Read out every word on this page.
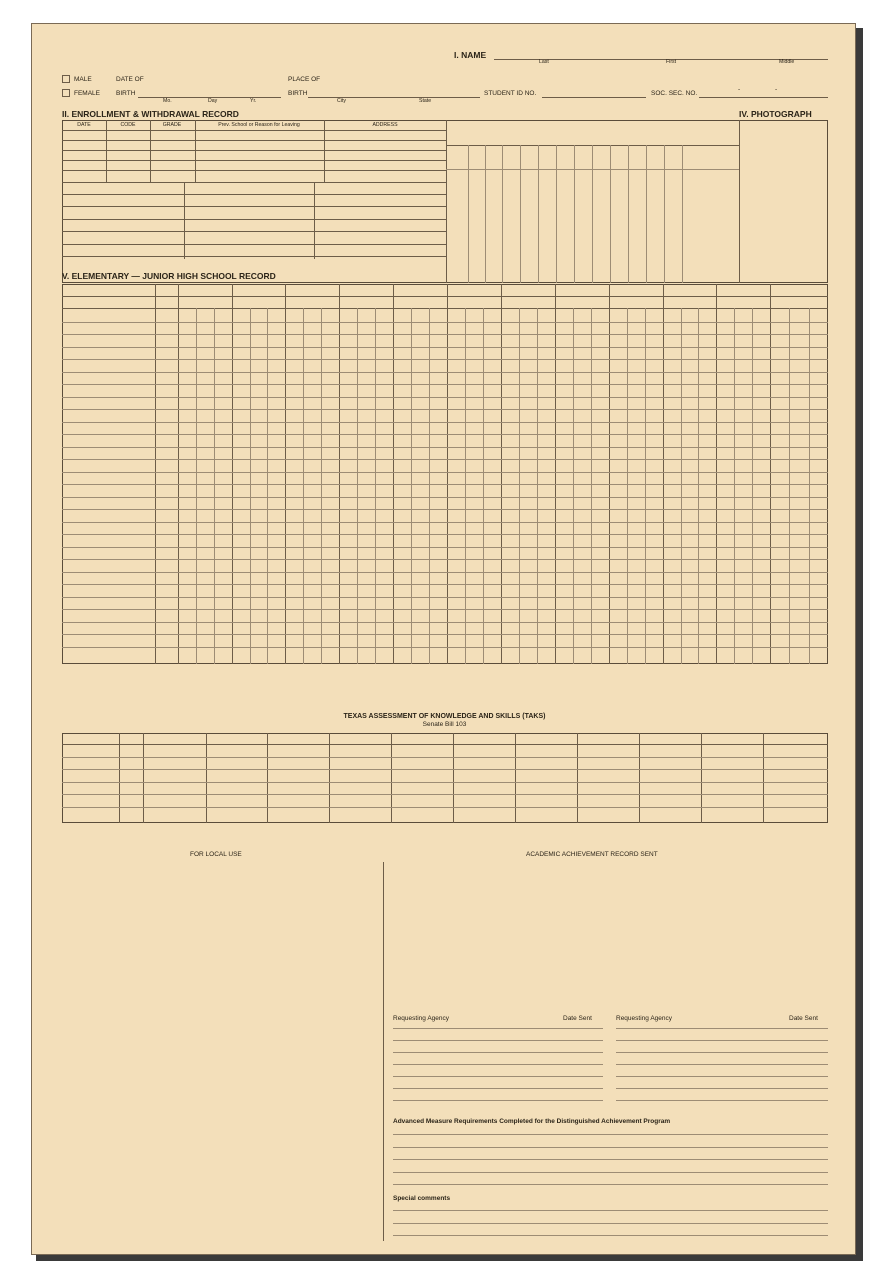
I. NAME
Last	First	Middle
MALE
FEMALE
DATE OF
BIRTH
Mo.	Day	Yr.
PLACE OF
BIRTH
City	State
STUDENT ID NO.	SOC. SEC. NO.
-	-
II. ENROLLMENT & WITHDRAWAL RECORD	IV. PHOTOGRAPH
V. ELEMENTARY — JUNIOR HIGH SCHOOL RECORD
TEXAS ASSESSMENT OF KNOWLEDGE AND SKILLS (TAKS)
Senate Bill 103
FOR LOCAL USE	ACADEMIC ACHIEVEMENT RECORD SENT
Requesting Agency	Date Sent	Requesting Agency	Date Sent
Advanced Measure Requirements Completed for the Distinguished Achievement Program
Special comments
DATE	CODE	GRADE	Prev. School or Reason for Leaving	ADDRESS
